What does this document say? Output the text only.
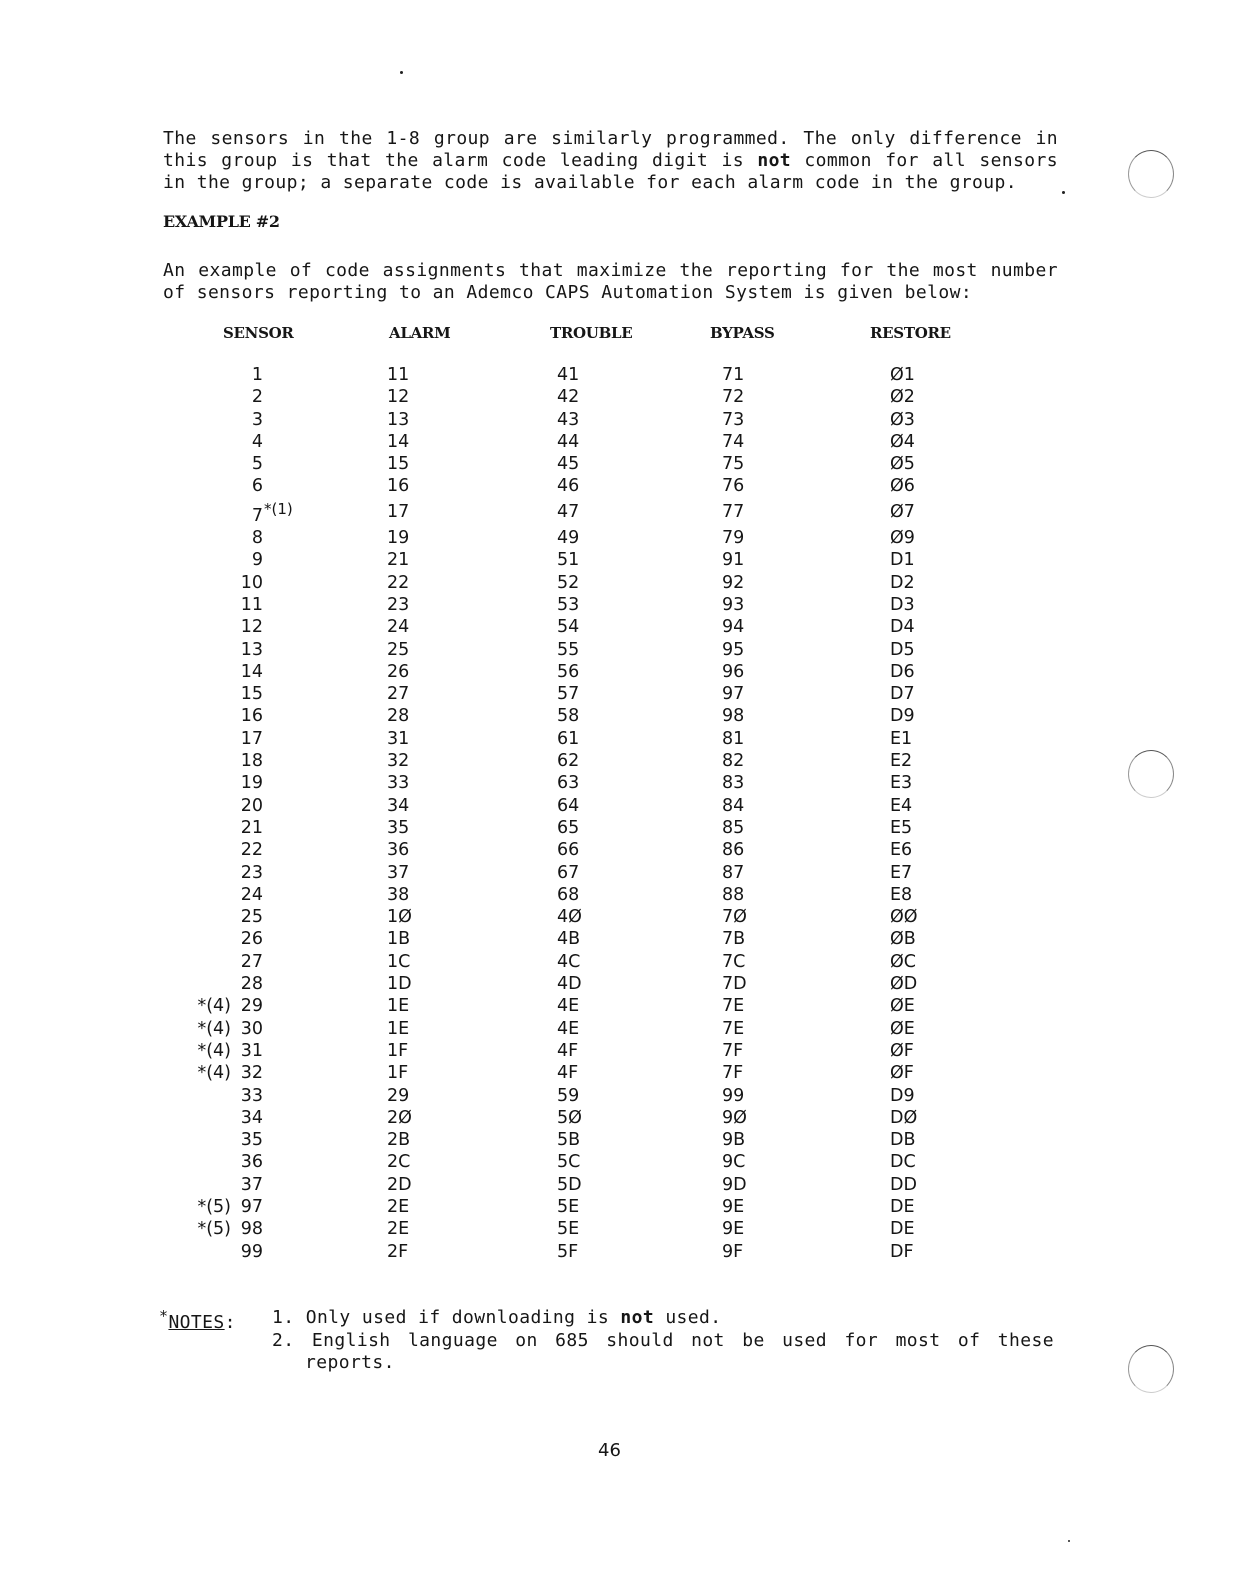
The sensors in the 1-8 group are similarly programmed. The only difference in this group is that the alarm code leading digit is not common for all sensors in the group; a separate code is available for each alarm code in the group.

EXAMPLE #2

An example of code assignments that maximize the reporting for the most number of sensors reporting to an Ademco CAPS Automation System is given below:

	SENSOR	ALARM	TROUBLE	BYPASS	RESTORE
	1	11	41	71	Ø1
	2	12	42	72	Ø2
	3	13	43	73	Ø3
	4	14	44	74	Ø4
	5	15	45	75	Ø5
	6	16	46	76	Ø6
	7*(1)	17	47	77	Ø7
	8	19	49	79	Ø9
	9	21	51	91	D1
	10	22	52	92	D2
	11	23	53	93	D3
	12	24	54	94	D4
	13	25	55	95	D5
	14	26	56	96	D6
	15	27	57	97	D7
	16	28	58	98	D9
	17	31	61	81	E1
	18	32	62	82	E2
	19	33	63	83	E3
	20	34	64	84	E4
	21	35	65	85	E5
	22	36	66	86	E6
	23	37	67	87	E7
	24	38	68	88	E8
	25	1Ø	4Ø	7Ø	ØØ
	26	1B	4B	7B	ØB
	27	1C	4C	7C	ØC
	28	1D	4D	7D	ØD
*(4)	29	1E	4E	7E	ØE
*(4)	30	1E	4E	7E	ØE
*(4)	31	1F	4F	7F	ØF
*(4)	32	1F	4F	7F	ØF
	33	29	59	99	D9
	34	2Ø	5Ø	9Ø	DØ
	35	2B	5B	9B	DB
	36	2C	5C	9C	DC
	37	2D	5D	9D	DD
*(5)	97	2E	5E	9E	DE
*(5)	98	2E	5E	9E	DE
	99	2F	5F	9F	DF

*NOTES: 1. Only used if downloading is not used.

2. English language on 685 should not be used for most of these reports.

46
